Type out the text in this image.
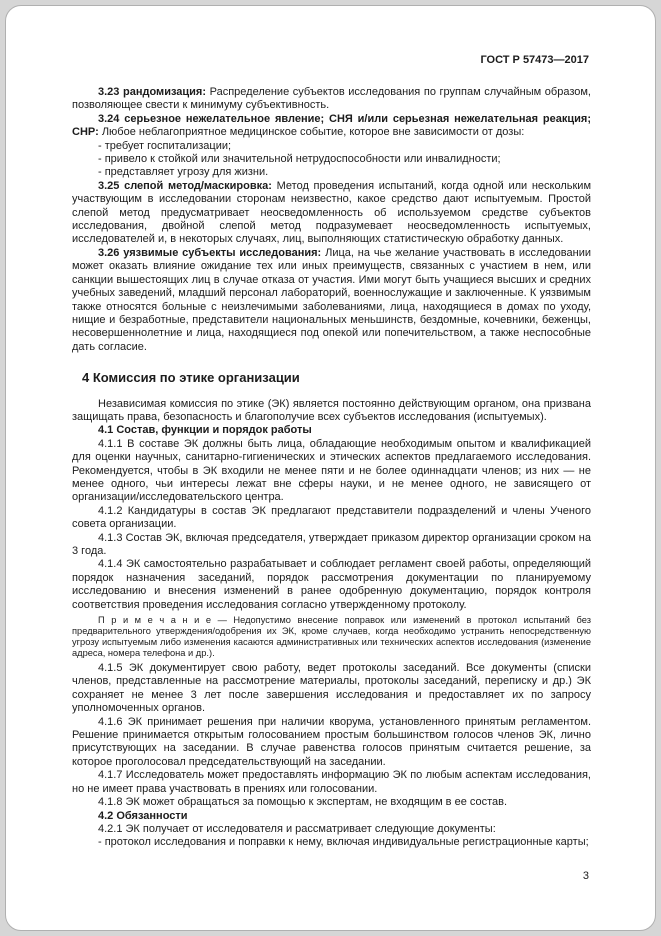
ГОСТ Р 57473—2017

3.23 рандомизация: Распределение субъектов исследования по группам случайным образом, позволяющее свести к минимуму субъективность.

3.24 серьезное нежелательное явление; СНЯ и/или серьезная нежелательная реакция; СНР: Любое неблагоприятное медицинское событие, которое вне зависимости от дозы:

- требует госпитализации;

- привело к стойкой или значительной нетрудоспособности или инвалидности;

- представляет угрозу для жизни.

3.25 слепой метод/маскировка: Метод проведения испытаний, когда одной или нескольким участвующим в исследовании сторонам неизвестно, какое средство дают испытуемым. Простой слепой метод предусматривает неосведомленность об используемом средстве субъектов исследования, двойной слепой метод подразумевает неосведомленность испытуемых, исследователей и, в некоторых случаях, лиц, выполняющих статистическую обработку данных.

3.26 уязвимые субъекты исследования: Лица, на чье желание участвовать в исследовании может оказать влияние ожидание тех или иных преимуществ, связанных с участием в нем, или санкции вышестоящих лиц в случае отказа от участия. Ими могут быть учащиеся высших и средних учебных заведений, младший персонал лабораторий, военнослужащие и заключенные. К уязвимым также относятся больные с неизлечимыми заболеваниями, лица, находящиеся в домах по уходу, нищие и безработные, представители национальных меньшинств, бездомные, кочевники, беженцы, несовершеннолетние и лица, находящиеся под опекой или попечительством, а также неспособные дать согласие.

4 Комиссия по этике организации

Независимая комиссия по этике (ЭК) является постоянно действующим органом, она призвана защищать права, безопасность и благополучие всех субъектов исследования (испытуемых).

4.1 Состав, функции и порядок работы

4.1.1 В составе ЭК должны быть лица, обладающие необходимым опытом и квалификацией для оценки научных, санитарно-гигиенических и этических аспектов предлагаемого исследования. Рекомендуется, чтобы в ЭК входили не менее пяти и не более одиннадцати членов; из них — не менее одного, чьи интересы лежат вне сферы науки, и не менее одного, не зависящего от организации/исследовательского центра.

4.1.2 Кандидатуры в состав ЭК предлагают представители подразделений и члены Ученого совета организации.

4.1.3 Состав ЭК, включая председателя, утверждает приказом директор организации сроком на 3 года.

4.1.4 ЭК самостоятельно разрабатывает и соблюдает регламент своей работы, определяющий порядок назначения заседаний, порядок рассмотрения документации по планируемому исследованию и внесения изменений в ранее одобренную документацию, порядок контроля соответствия проведения исследования согласно утвержденному протоколу.

П р и м е ч а н и е — Недопустимо внесение поправок или изменений в протокол испытаний без предварительного утверждения/одобрения их ЭК, кроме случаев, когда необходимо устранить непосредственную угрозу испытуемым либо изменения касаются административных или технических аспектов исследования (изменение адреса, номера телефона и др.).

4.1.5 ЭК документирует свою работу, ведет протоколы заседаний. Все документы (списки членов, представленные на рассмотрение материалы, протоколы заседаний, переписку и др.) ЭК сохраняет не менее 3 лет после завершения исследования и предоставляет их по запросу уполномоченных органов.

4.1.6 ЭК принимает решения при наличии кворума, установленного принятым регламентом. Решение принимается открытым голосованием простым большинством голосов членов ЭК, лично присутствующих на заседании. В случае равенства голосов принятым считается решение, за которое проголосовал председательствующий на заседании.

4.1.7 Исследователь может предоставлять информацию ЭК по любым аспектам исследования, но не имеет права участвовать в прениях или голосовании.

4.1.8 ЭК может обращаться за помощью к экспертам, не входящим в ее состав.

4.2 Обязанности

4.2.1 ЭК получает от исследователя и рассматривает следующие документы:

- протокол исследования и поправки к нему, включая индивидуальные регистрационные карты;

3
